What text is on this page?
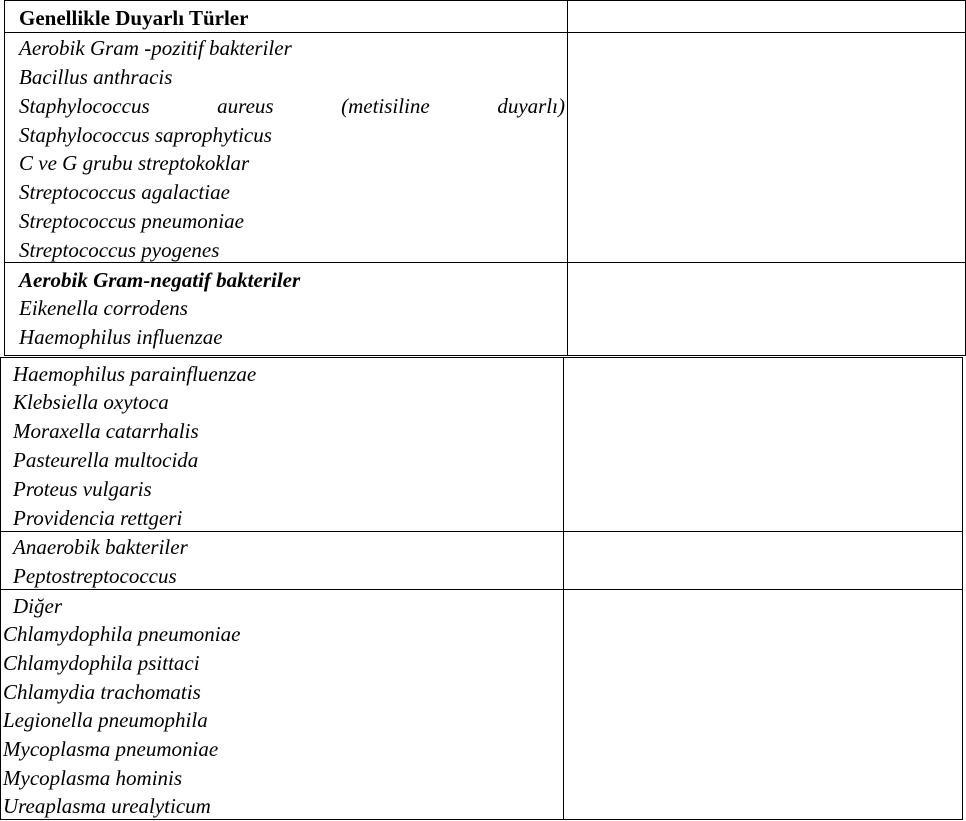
Genellikle Duyarlı Türler
Aerobik Gram -pozitif bakteriler
Bacillus anthracis
Staphylococcus	aureus	(metisiline	duyarlı)
Staphylococcus saprophyticus
C ve G grubu streptokoklar
Streptococcus agalactiae
Streptococcus pneumoniae
Streptococcus pyogenes
Aerobik Gram-negatif bakteriler
Eikenella corrodens
Haemophilus influenzae
Haemophilus parainfluenzae
Klebsiella oxytoca
Moraxella catarrhalis
Pasteurella multocida
Proteus vulgaris
Providencia rettgeri
Anaerobik bakteriler
Peptostreptococcus
Diğer
Chlamydophila pneumoniae
Chlamydophila psittaci
Chlamydia trachomatis
Legionella pneumophila
Mycoplasma pneumoniae
Mycoplasma hominis
Ureaplasma urealyticum
